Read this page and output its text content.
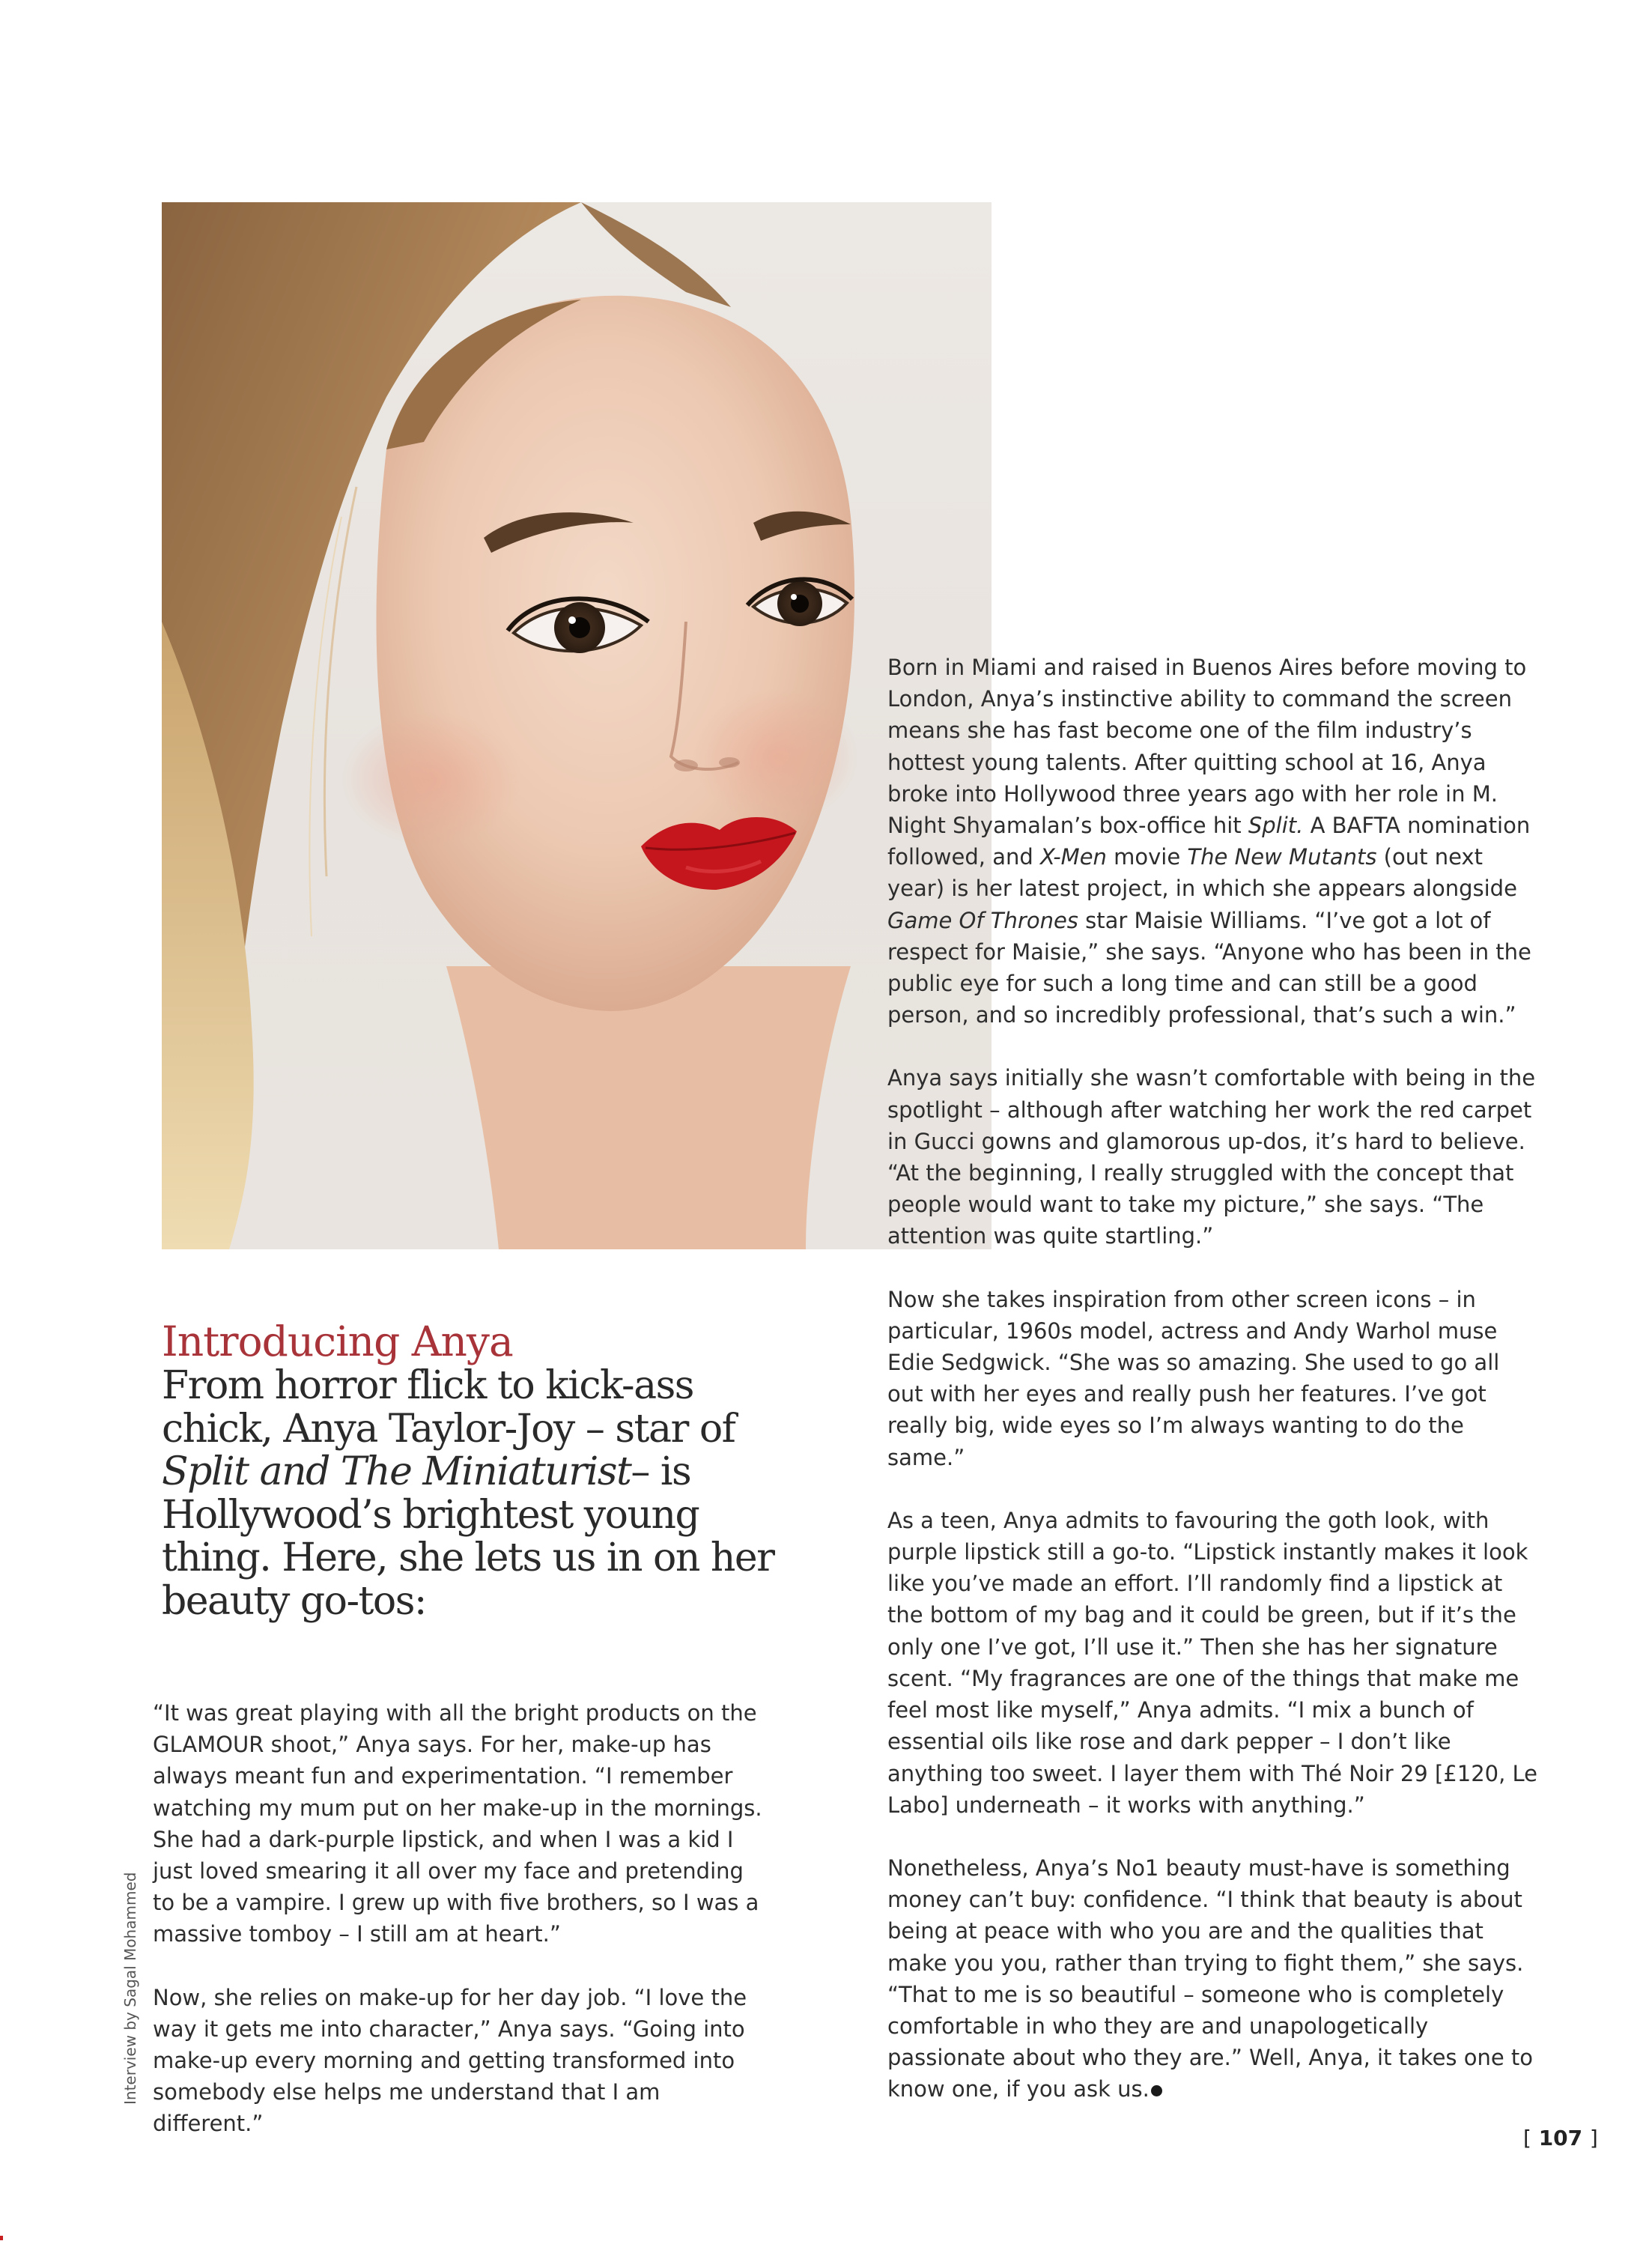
Introducing Anya
From horror flick to kick-ass chick, Anya Taylor-Joy – star of Split and The Miniaturist– is Hollywood’s brightest young thing. Here, she lets us in on her beauty go-tos:

“It was great playing with all the bright products on the GLAMOUR shoot,” Anya says. For her, make-up has always meant fun and experimentation. “I remember watching my mum put on her make-up in the mornings. She had a dark-purple lipstick, and when I was a kid I just loved smearing it all over my face and pretending to be a vampire. I grew up with five brothers, so I was a massive tomboy – I still am at heart.”

Now, she relies on make-up for her day job. “I love the way it gets me into character,” Anya says. “Going into make-up every morning and getting transformed into somebody else helps me understand that I am different.”

Born in Miami and raised in Buenos Aires before moving to London, Anya’s instinctive ability to command the screen means she has fast become one of the film industry’s hottest young talents. After quitting school at 16, Anya broke into Hollywood three years ago with her role in M. Night Shyamalan’s box-office hit Split. A BAFTA nomination followed, and X-Men movie The New Mutants (out next year) is her latest project, in which she appears alongside Game Of Thrones star Maisie Williams. “I’ve got a lot of respect for Maisie,” she says. “Anyone who has been in the public eye for such a long time and can still be a good person, and so incredibly professional, that’s such a win.”

Anya says initially she wasn’t comfortable with being in the spotlight – although after watching her work the red carpet in Gucci gowns and glamorous up-dos, it’s hard to believe. “At the beginning, I really struggled with the concept that people would want to take my picture,” she says. “The attention was quite startling.”

Now she takes inspiration from other screen icons – in particular, 1960s model, actress and Andy Warhol muse Edie Sedgwick. “She was so amazing. She used to go all out with her eyes and really push her features. I’ve got really big, wide eyes so I’m always wanting to do the same.”

As a teen, Anya admits to favouring the goth look, with purple lipstick still a go-to. “Lipstick instantly makes it look like you’ve made an effort. I’ll randomly find a lipstick at the bottom of my bag and it could be green, but if it’s the only one I’ve got, I’ll use it.” Then she has her signature scent. “My fragrances are one of the things that make me feel most like myself,” Anya admits. “I mix a bunch of essential oils like rose and dark pepper – I don’t like anything too sweet. I layer them with Thé Noir 29 [£120, Le Labo] underneath – it works with anything.”

Nonetheless, Anya’s No1 beauty must-have is something money can’t buy: confidence. “I think that beauty is about being at peace with who you are and the qualities that make you you, rather than trying to fight them,” she says. “That to me is so beautiful – someone who is completely comfortable in who they are and unapologetically passionate about who they are.” Well, Anya, it takes one to know one, if you ask us.

Interview by Sagal Mohammed
[ 107 ]
